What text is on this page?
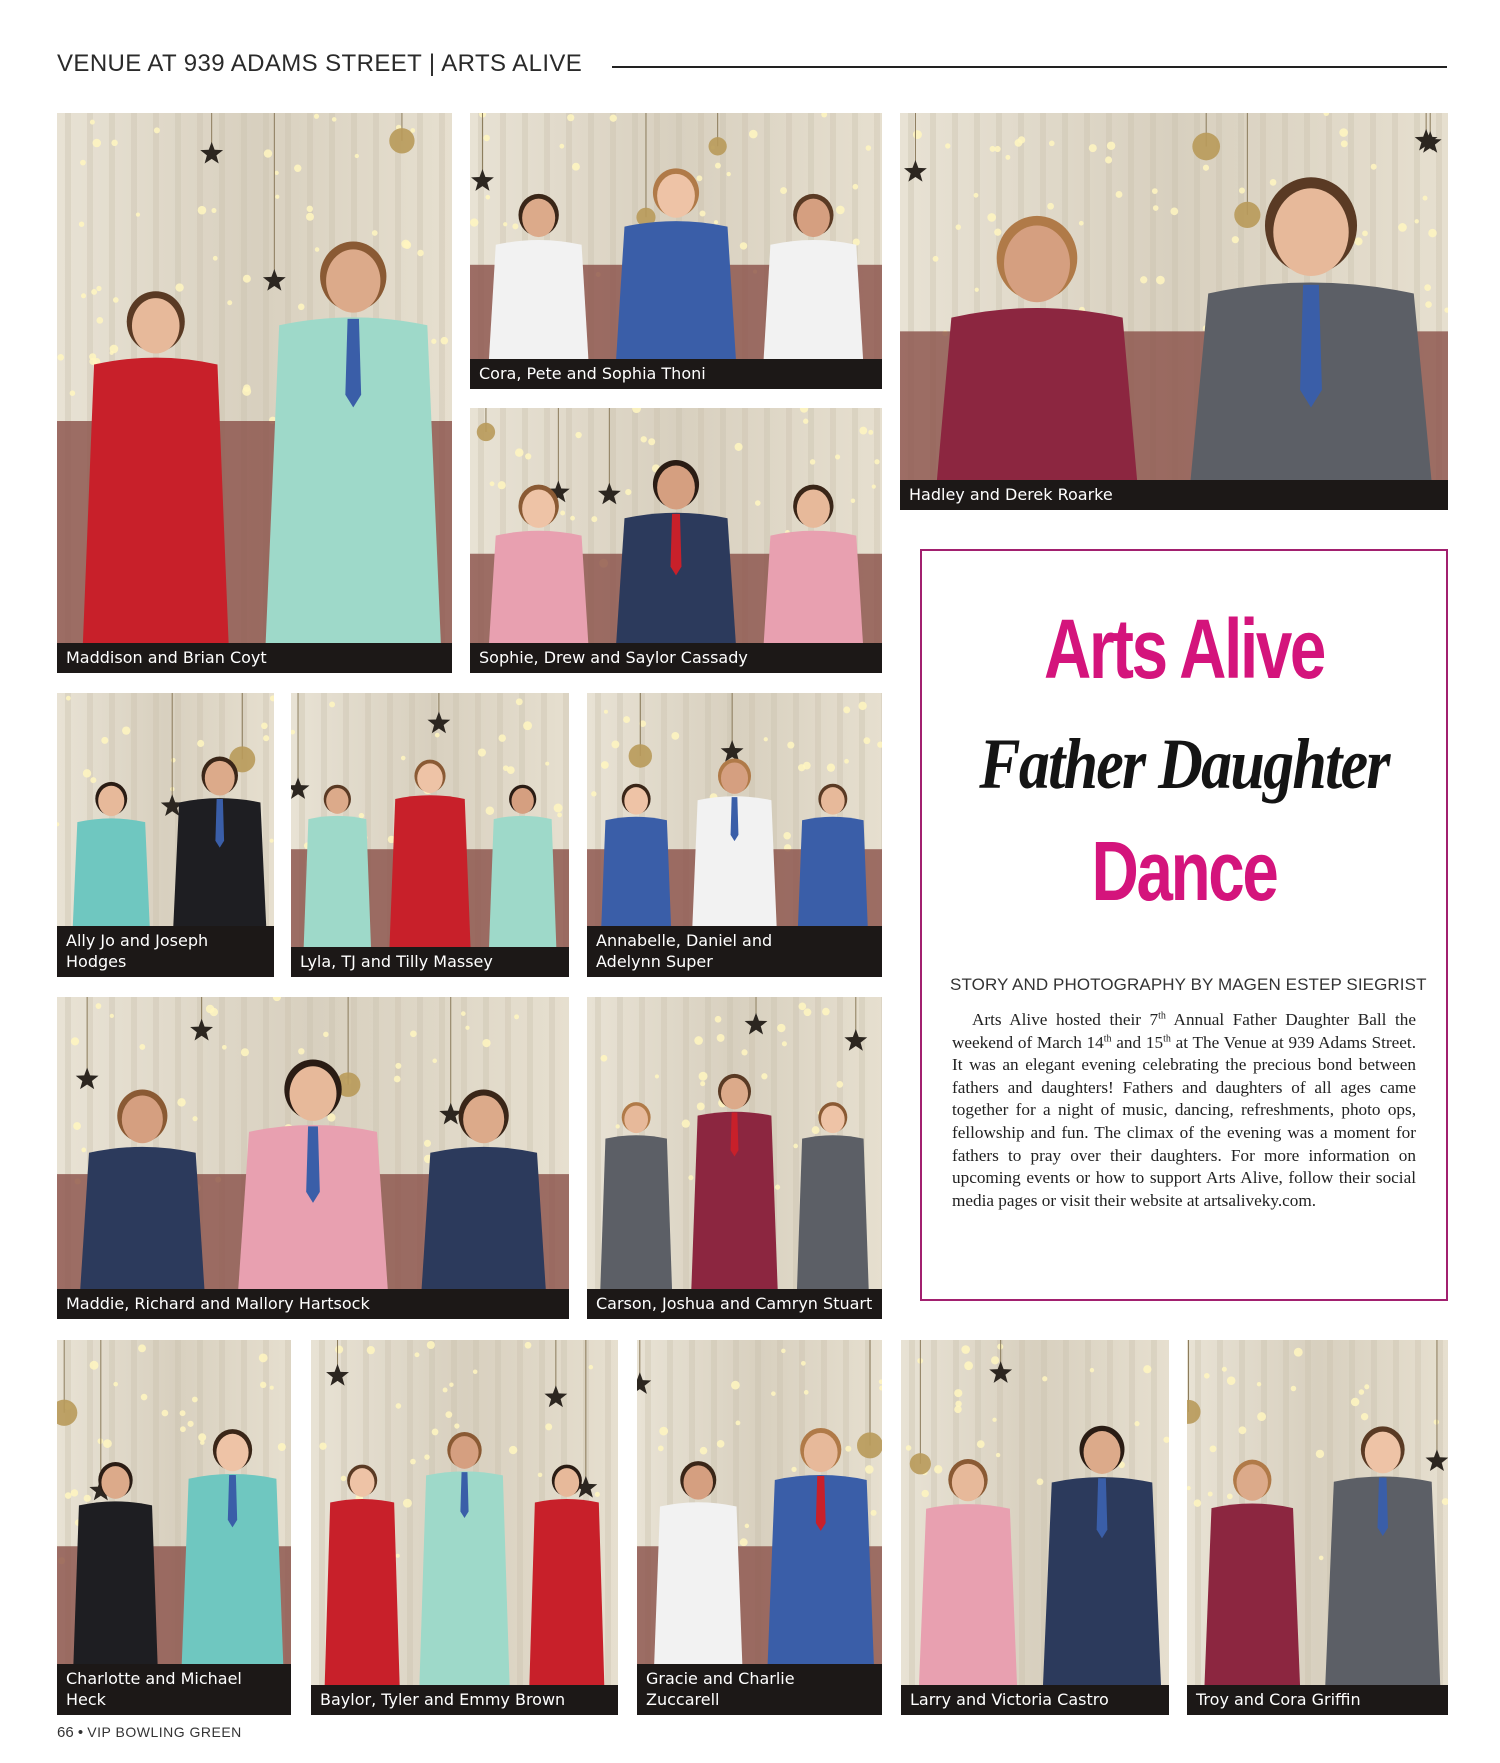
VENUE AT 939 ADAMS STREET | ARTS ALIVE
Maddison and Brian Coyt
Cora, Pete and Sophia Thoni
Sophie, Drew and Saylor Cassady
Hadley and Derek Roarke
Ally Jo and Joseph Hodges	Lyla, TJ and Tilly Massey
Annabelle, Daniel and
Adelynn Super
Maddie, Richard and Mallory Hartsock	Carson, Joshua and Camryn Stuart
Charlotte and Michael Heck	Baylor, Tyler and Emmy Brown
Gracie and Charlie Zuccarell	Larry and Victoria Castro	Troy and Cora Griffin
Arts Alive
Father Daughter
Dance
STORY AND PHOTOGRAPHY BY MAGEN ESTEP SIEGRIST

Arts Alive hosted their 7th Annual Father Daughter Ball the weekend of March 14th and 15th at The Venue at 939 Adams Street. It was an elegant evening celebrating the precious bond between fathers and daughters! Fathers and daughters of all ages came together for a night of music, dancing, refreshments, photo ops, fellowship and fun. The climax of the evening was a moment for fathers to pray over their daughters. For more information on upcoming events or how to support Arts Alive, follow their social media pages or visit their website at artsaliveky.com.

66 • VIP BOWLING GREEN
